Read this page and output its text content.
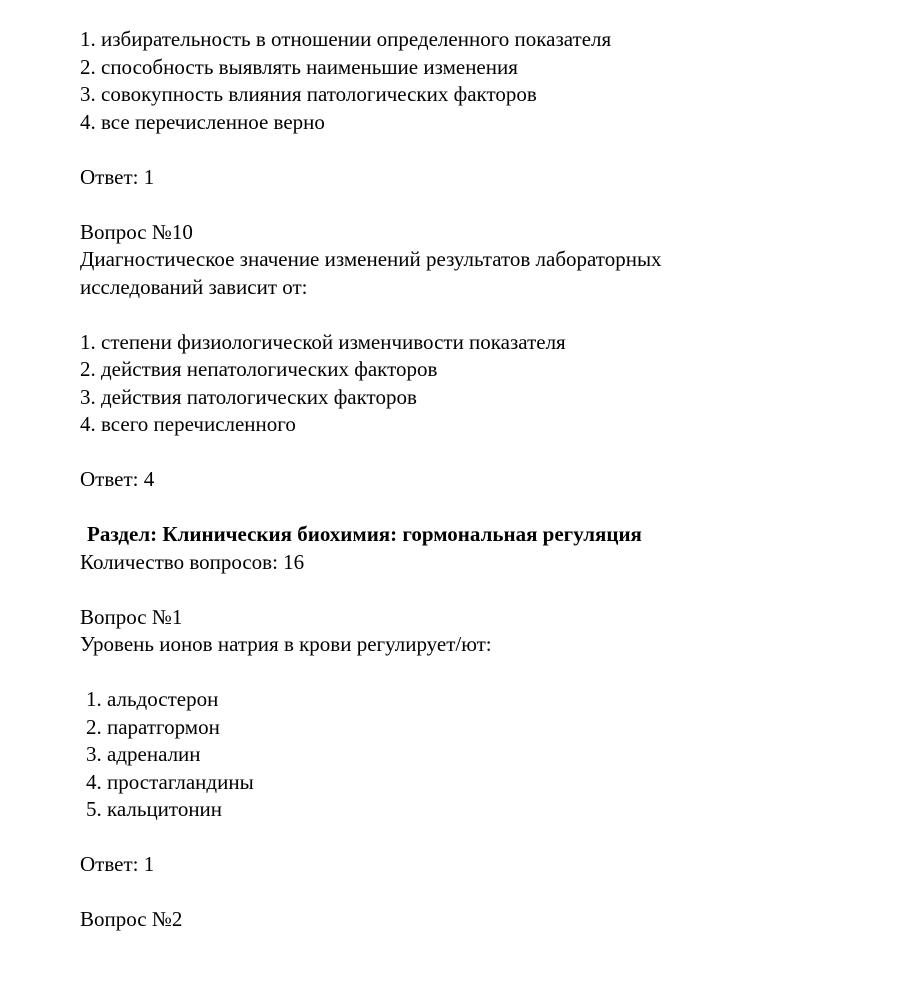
1. избирательность в отношении определенного показателя

2. способность выявлять наименьшие изменения

3. совокупность влияния патологических факторов

4. все перечисленное верно

Ответ: 1

Вопрос №10

Диагностическое значение изменений результатов лабораторных

исследований зависит от:

1. степени физиологической изменчивости показателя

2. действия непатологических факторов

3. действия патологических факторов

4. всего перечисленного

Ответ: 4

Раздел: Клиническия биохимия: гормональная регуляция

Количество вопросов: 16

Вопрос №1

Уровень ионов натрия в крови регулирует/ют:

1. альдостерон

2. паратгормон

3. адреналин

4. простагландины

5. кальцитонин

Ответ: 1

Вопрос №2
